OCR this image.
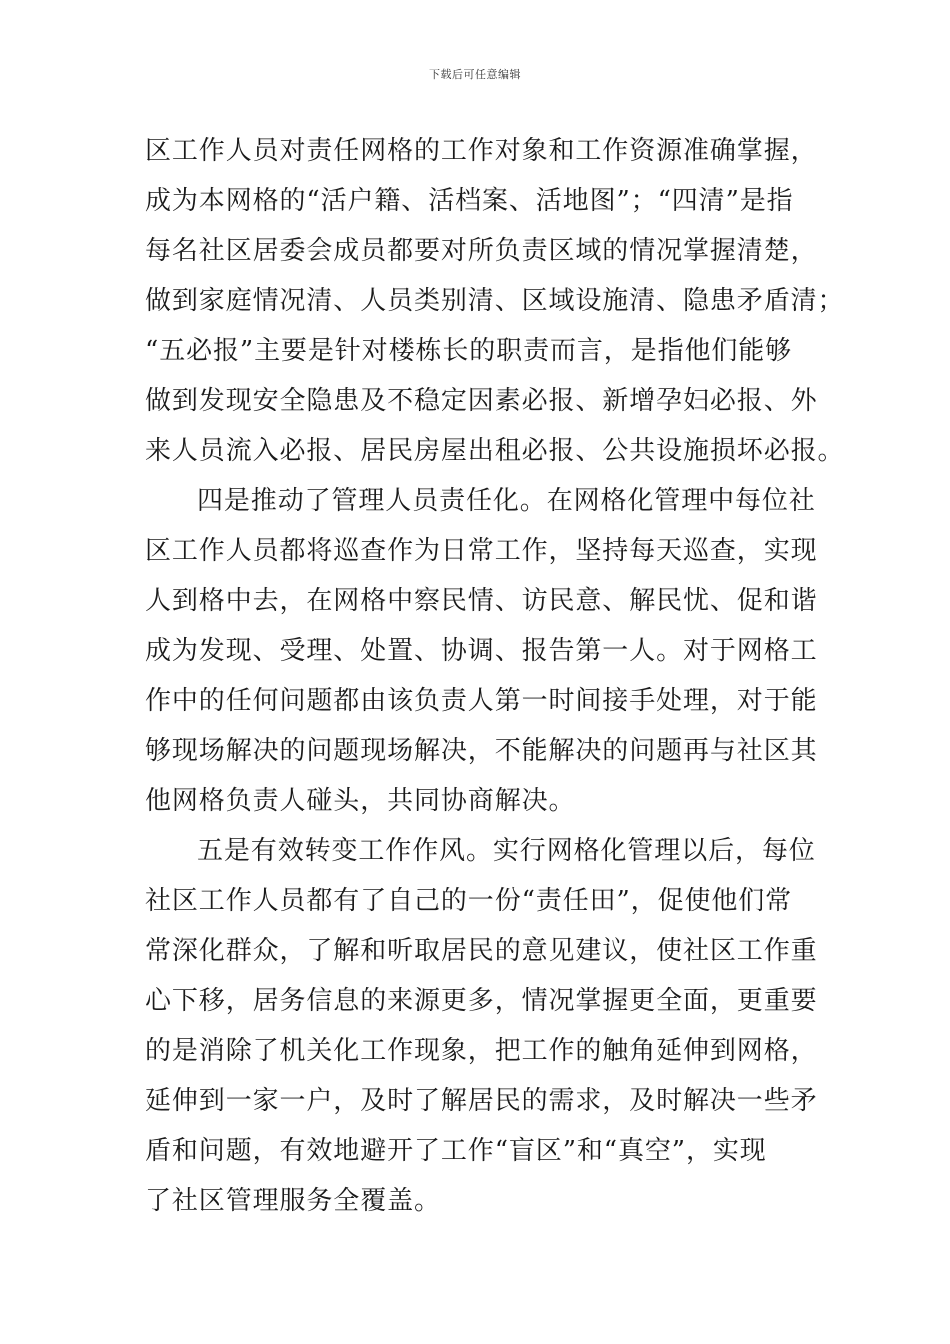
下载后可任意编辑
区工作人员对责任网格的工作对象和工作资源准确掌握，
成为本网格的“活户籍、活档案、活地图”；“四清”是指
每名社区居委会成员都要对所负责区域的情况掌握清楚，
做到家庭情况清、人员类别清、区域设施清、隐患矛盾清；
“五必报”主要是针对楼栋长的职责而言，是指他们能够
做到发现安全隐患及不稳定因素必报、新增孕妇必报、外
来人员流入必报、居民房屋出租必报、公共设施损坏必报。
四是推动了管理人员责任化。在网格化管理中每位社
区工作人员都将巡查作为日常工作，坚持每天巡查，实现
人到格中去，在网格中察民情、访民意、解民忧、促和谐
成为发现、受理、处置、协调、报告第一人。对于网格工
作中的任何问题都由该负责人第一时间接手处理，对于能
够现场解决的问题现场解决，不能解决的问题再与社区其
他网格负责人碰头，共同协商解决。
五是有效转变工作作风。实行网格化管理以后，每位
社区工作人员都有了自己的一份“责任田”，促使他们常
常深化群众，了解和听取居民的意见建议，使社区工作重
心下移，居务信息的来源更多，情况掌握更全面，更重要
的是消除了机关化工作现象，把工作的触角延伸到网格，
延伸到一家一户，及时了解居民的需求，及时解决一些矛
盾和问题，有效地避开了工作“盲区”和“真空”，实现
了社区管理服务全覆盖。
